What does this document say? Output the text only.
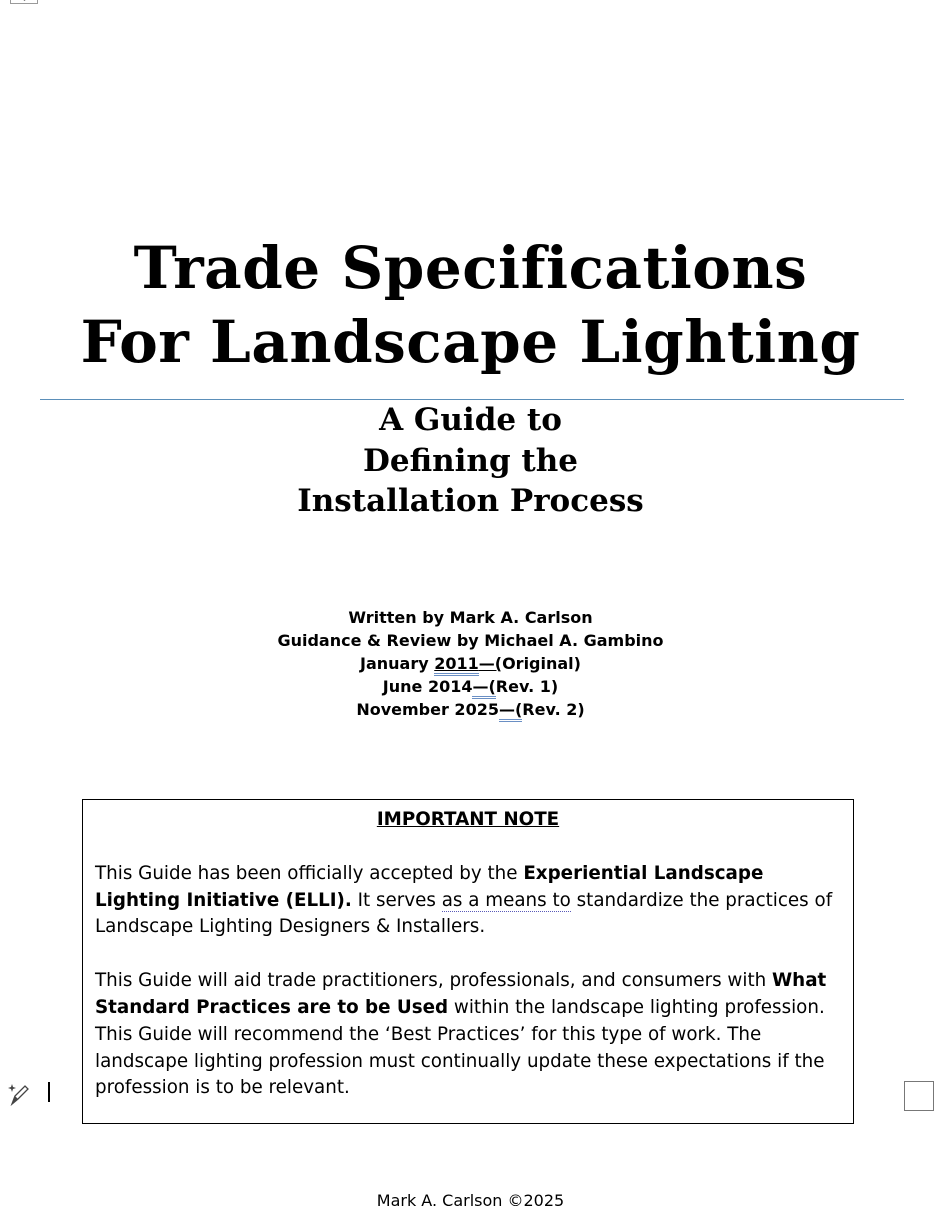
Trade Specifications
For Landscape Lighting
A Guide to
Defining the
Installation Process
Written by Mark A. Carlson
Guidance & Review by Michael A. Gambino
January 2011—(Original)
June 2014—(Rev. 1)
November 2025—(Rev. 2)
IMPORTANT NOTE

This Guide has been officially accepted by the Experiential Landscape Lighting Initiative (ELLI). It serves as a means to standardize the practices of Landscape Lighting Designers & Installers.

This Guide will aid trade practitioners, professionals, and consumers with What Standard Practices are to be Used within the landscape lighting profession. This Guide will recommend the ‘Best Practices’ for this type of work. The landscape lighting profession must continually update these expectations if the profession is to be relevant.

Mark A. Carlson ©2025
